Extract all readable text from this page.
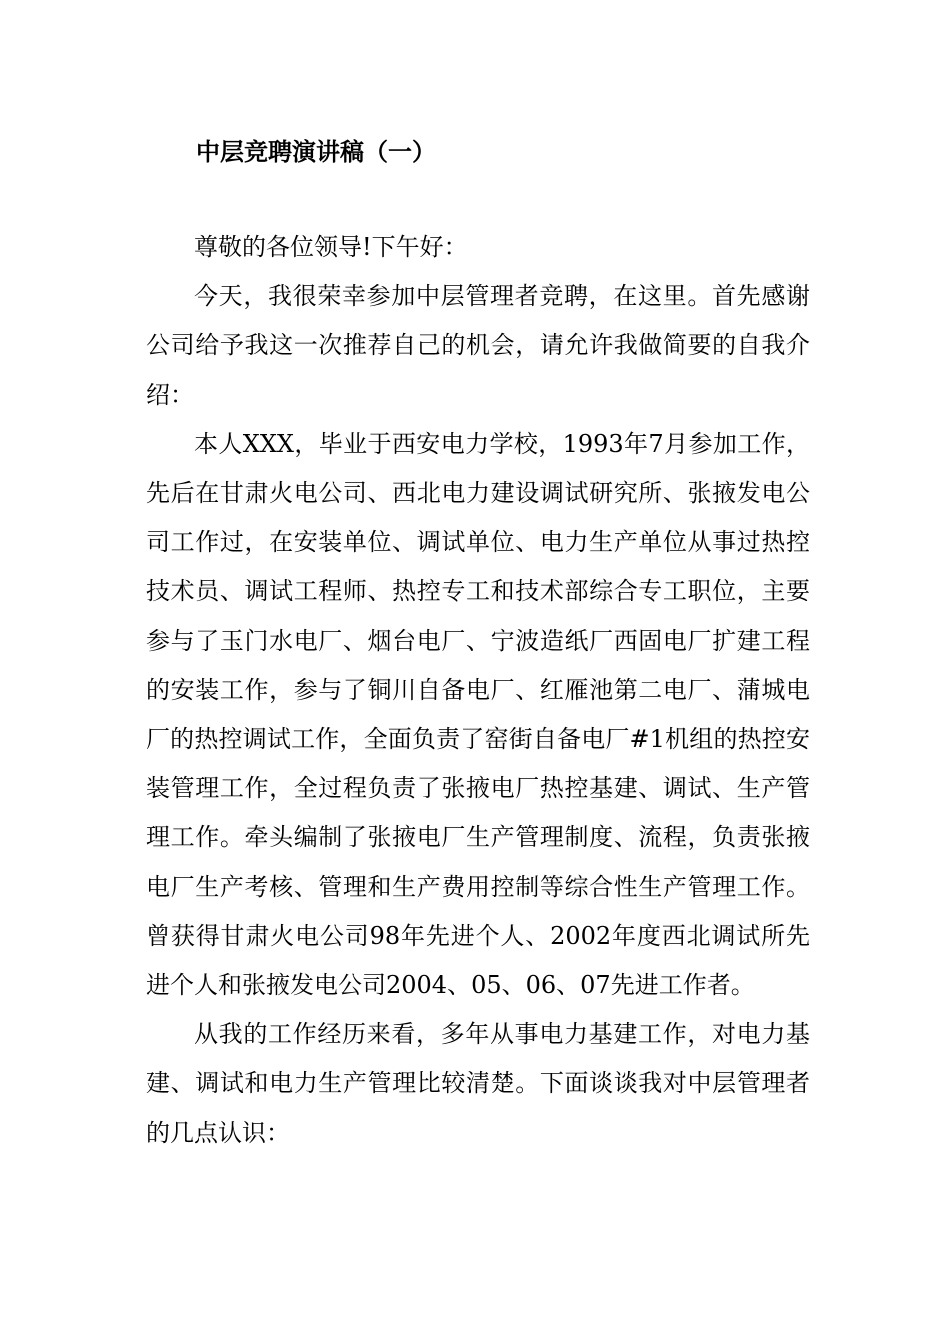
中层竞聘演讲稿（一）

尊敬的各位领导!下午好：

今天，我很荣幸参加中层管理者竞聘，在这里。首先感谢公司给予我这一次推荐自己的机会，请允许我做简要的自我介绍：

本人XXX，毕业于西安电力学校，1993年7月参加工作，先后在甘肃火电公司、西北电力建设调试研究所、张掖发电公司工作过，在安装单位、调试单位、电力生产单位从事过热控技术员、调试工程师、热控专工和技术部综合专工职位，主要参与了玉门水电厂、烟台电厂、宁波造纸厂西固电厂扩建工程的安装工作，参与了铜川自备电厂、红雁池第二电厂、蒲城电厂的热控调试工作，全面负责了窑街自备电厂#1机组的热控安装管理工作，全过程负责了张掖电厂热控基建、调试、生产管理工作。牵头编制了张掖电厂生产管理制度、流程，负责张掖电厂生产考核、管理和生产费用控制等综合性生产管理工作。曾获得甘肃火电公司98年先进个人、2002年度西北调试所先进个人和张掖发电公司2004、05、06、07先进工作者。

从我的工作经历来看，多年从事电力基建工作，对电力基建、调试和电力生产管理比较清楚。下面谈谈我对中层管理者的几点认识：
